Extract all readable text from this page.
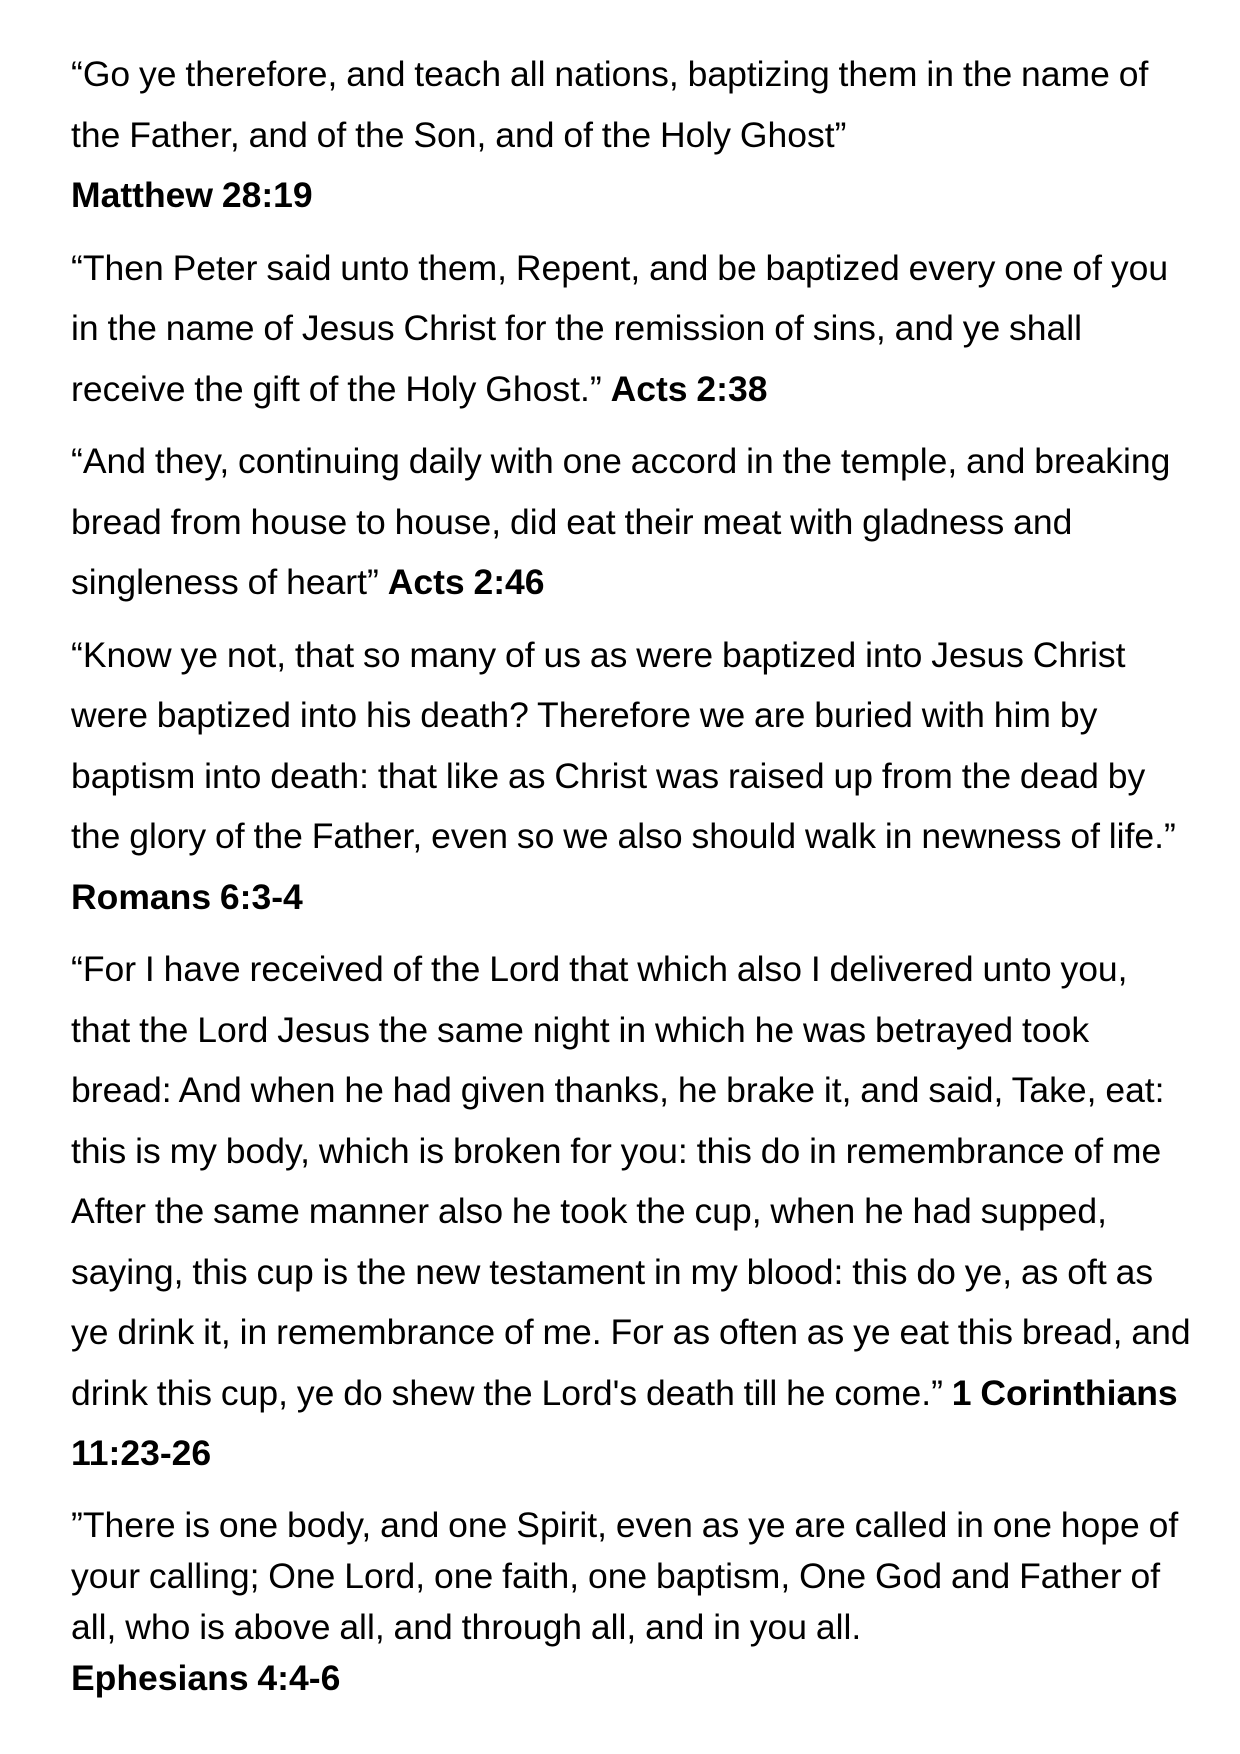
“Go ye therefore, and teach all nations, baptizing them in the name of the Father, and of the Son, and of the Holy Ghost”
Matthew 28:19

“Then Peter said unto them, Repent, and be baptized every one of you in the name of Jesus Christ for the remission of sins, and ye shall receive the gift of the Holy Ghost.” Acts 2:38

“And they, continuing daily with one accord in the temple, and breaking bread from house to house, did eat their meat with gladness and singleness of heart” Acts 2:46

“Know ye not, that so many of us as were baptized into Jesus Christ were baptized into his death? Therefore we are buried with him by baptism into death: that like as Christ was raised up from the dead by the glory of the Father, even so we also should walk in newness of life.” Romans 6:3-4

“For I have received of the Lord that which also I delivered unto you, that the Lord Jesus the same night in which he was betrayed took bread: And when he had given thanks, he brake it, and said, Take, eat: this is my body, which is broken for you: this do in remembrance of me After the same manner also he took the cup, when he had supped, saying, this cup is the new testament in my blood: this do ye, as oft as ye drink it, in remembrance of me. For as often as ye eat this bread, and drink this cup, ye do shew the Lord's death till he come.” 1 Corinthians 11:23-26

”There is one body, and one Spirit, even as ye are called in one hope of your calling; One Lord, one faith, one baptism, One God and Father of all, who is above all, and through all, and in you all.
Ephesians 4:4-6
